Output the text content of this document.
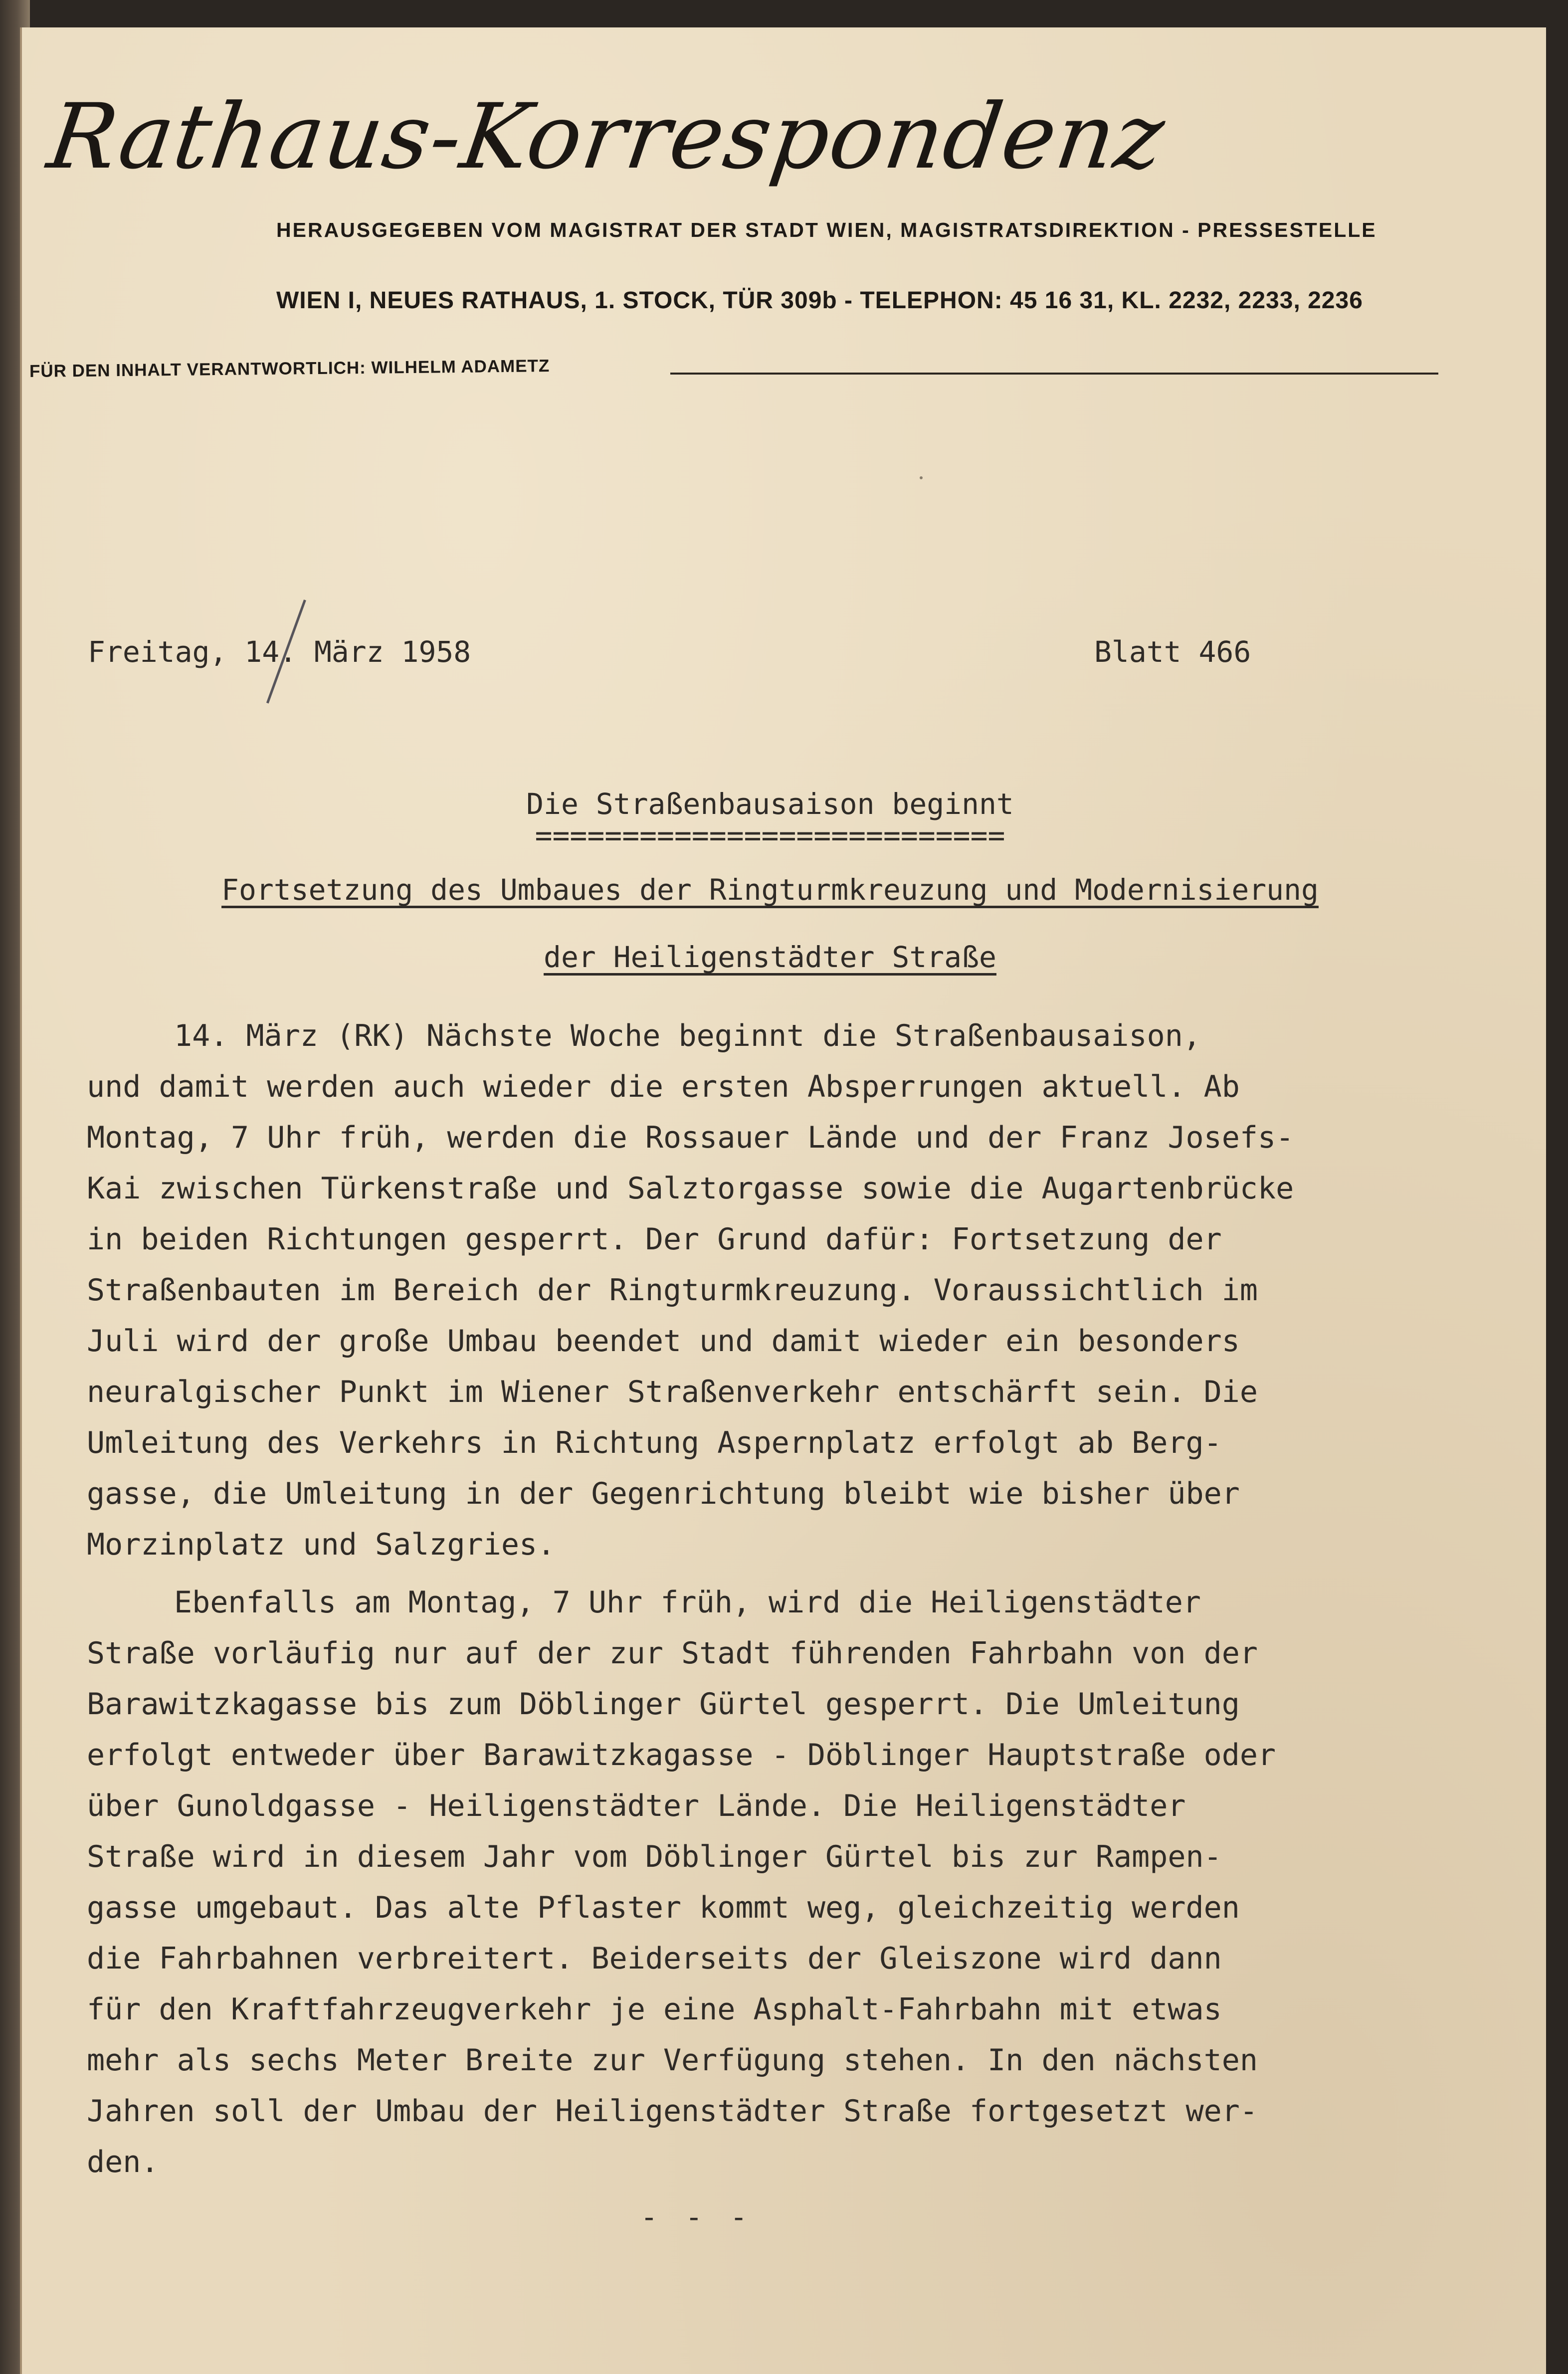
Rathaus-Korrespondenz
HERAUSGEGEBEN VOM MAGISTRAT DER STADT WIEN, MAGISTRATSDIREKTION - PRESSESTELLE
WIEN I, NEUES RATHAUS, 1. STOCK, TÜR 309b - TELEPHON: 45 16 31, KL. 2232, 2233, 2236
FÜR DEN INHALT VERANTWORTLICH: WILHELM ADAMETZ
Freitag, 14. März 1958	Blatt 466
Die Straßenbausaison beginnt
===========================
Fortsetzung des Umbaues der Ringturmkreuzung und Modernisierung
der Heiligenstädter Straße
14. März (RK) Nächste Woche beginnt die Straßenbausaison,
und damit werden auch wieder die ersten Absperrungen aktuell. Ab
Montag, 7 Uhr früh, werden die Rossauer Lände und der Franz Josefs-
Kai zwischen Türkenstraße und Salztorgasse sowie die Augartenbrücke
in beiden Richtungen gesperrt. Der Grund dafür: Fortsetzung der
Straßenbauten im Bereich der Ringturmkreuzung. Voraussichtlich im
Juli wird der große Umbau beendet und damit wieder ein besonders
neuralgischer Punkt im Wiener Straßenverkehr entschärft sein. Die
Umleitung des Verkehrs in Richtung Aspernplatz erfolgt ab Berg-
gasse, die Umleitung in der Gegenrichtung bleibt wie bisher über
Morzinplatz und Salzgries.
Ebenfalls am Montag, 7 Uhr früh, wird die Heiligenstädter
Straße vorläufig nur auf der zur Stadt führenden Fahrbahn von der
Barawitzkagasse bis zum Döblinger Gürtel gesperrt. Die Umleitung
erfolgt entweder über Barawitzkagasse - Döblinger Hauptstraße oder
über Gunoldgasse - Heiligenstädter Lände. Die Heiligenstädter
Straße wird in diesem Jahr vom Döblinger Gürtel bis zur Rampen-
gasse umgebaut. Das alte Pflaster kommt weg, gleichzeitig werden
die Fahrbahnen verbreitert. Beiderseits der Gleiszone wird dann
für den Kraftfahrzeugverkehr je eine Asphalt-Fahrbahn mit etwas
mehr als sechs Meter Breite zur Verfügung stehen. In den nächsten
Jahren soll der Umbau der Heiligenstädter Straße fortgesetzt wer-
den.
- - -
